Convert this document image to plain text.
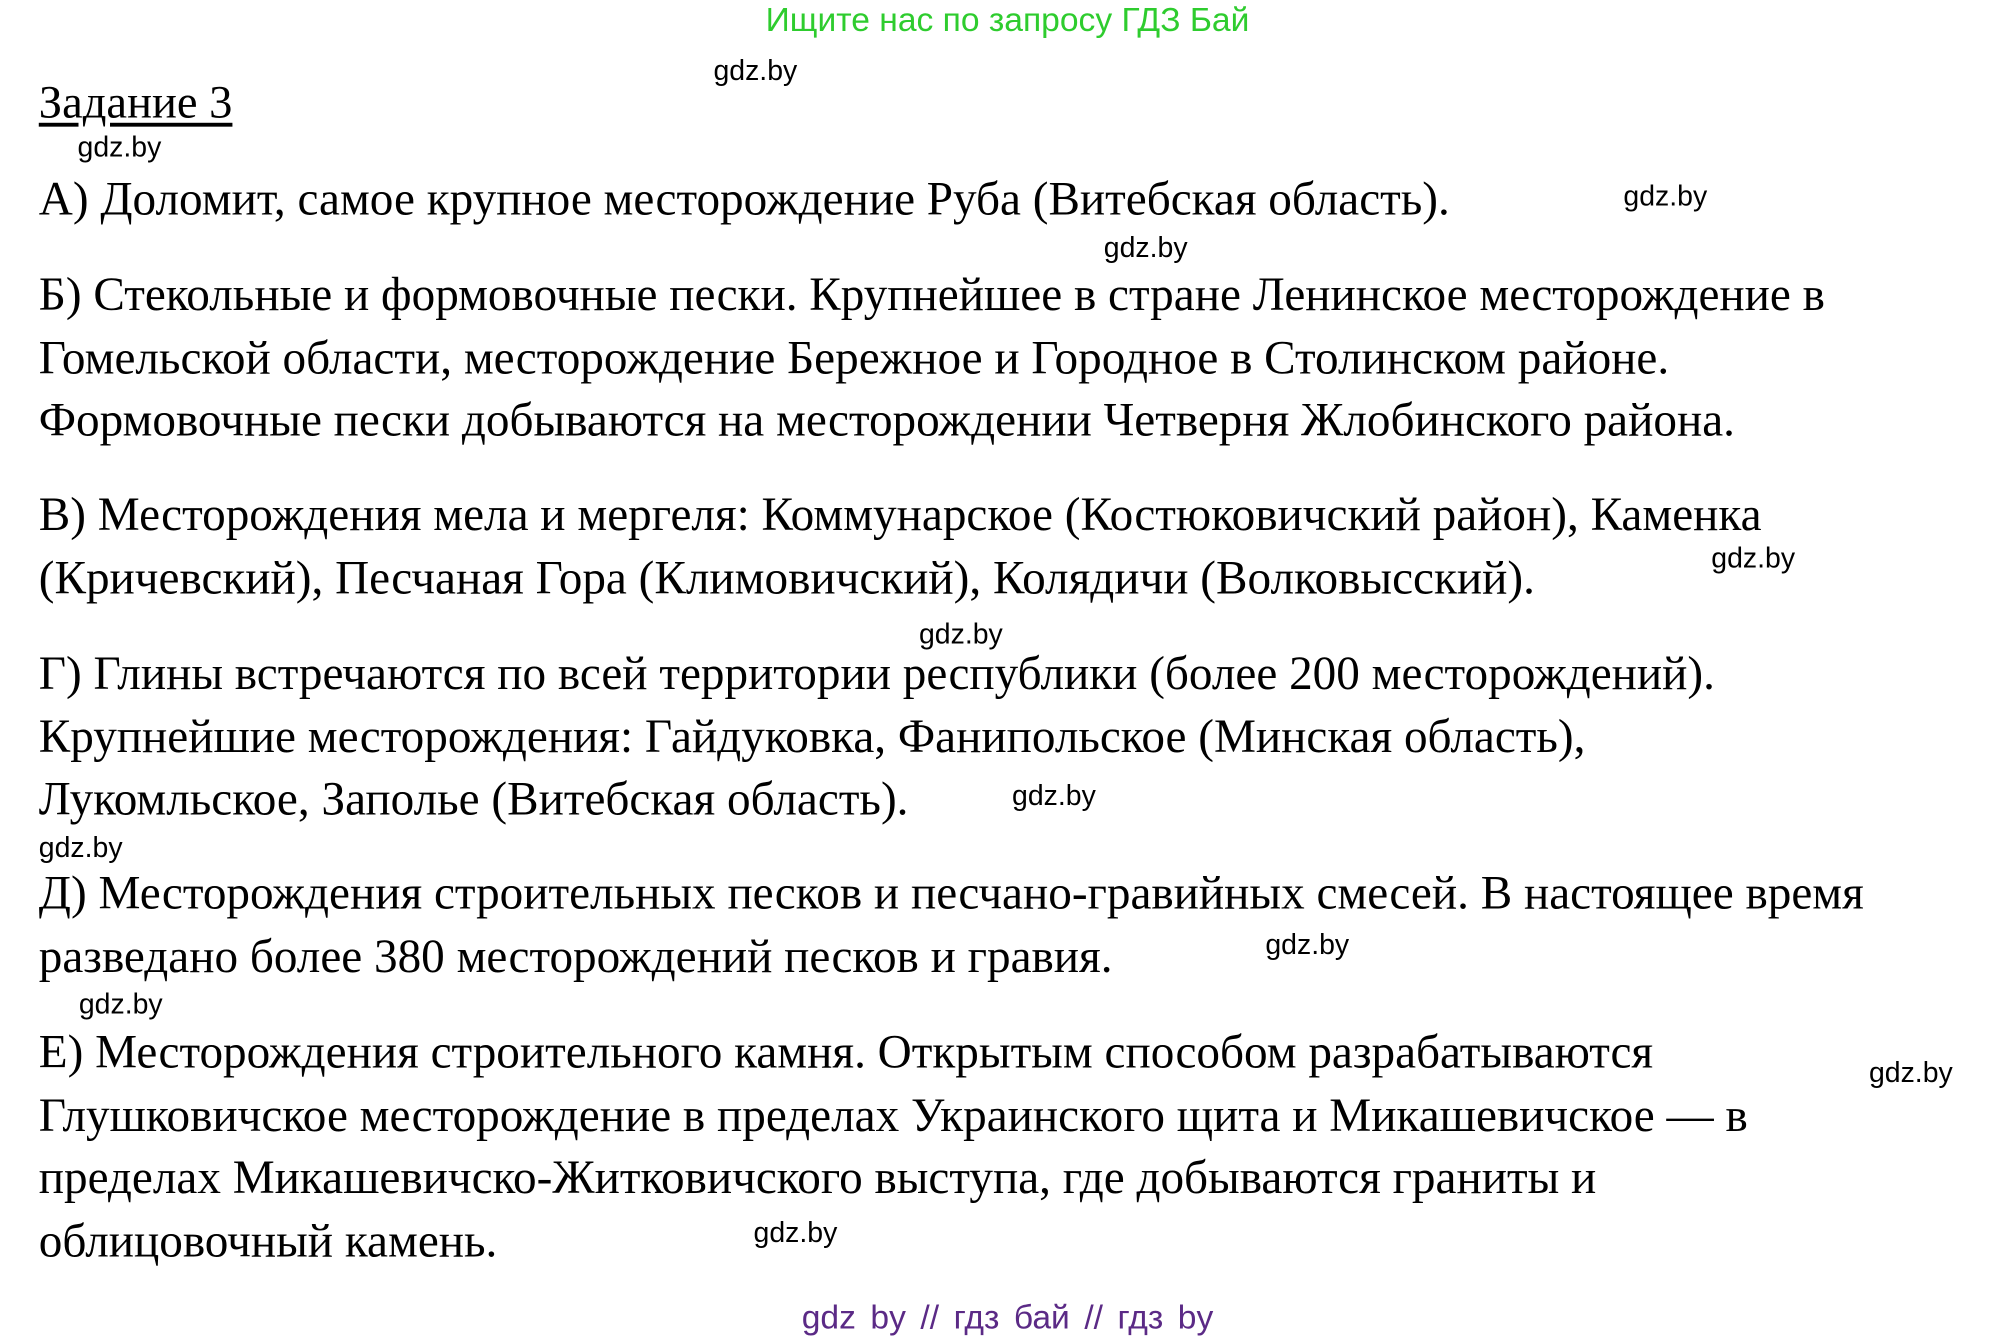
Ищите нас по запросу ГДЗ Бай
Задание 3
А) Доломит, самое крупное месторождение Руба (Витебская область).
Б) Стекольные и формовочные пески. Крупнейшее в стране Ленинское месторождение в
Гомельской области, месторождение Бережное и Городное в Столинском районе.
Формовочные пески добываются на месторождении Четверня Жлобинского района.
В) Месторождения мела и мергеля: Коммунарское (Костюковичский район), Каменка
(Кричевский), Песчаная Гора (Климовичский), Колядичи (Волковысский).
Г) Глины встречаются по всей территории республики (более 200 месторождений).
Крупнейшие месторождения: Гайдуковка, Фанипольское (Минская область),
Лукомльское, Заполье (Витебская область).
Д) Месторождения строительных песков и песчано-гравийных смесей. В настоящее время
разведано более 380 месторождений песков и гравия.
Е) Месторождения строительного камня. Открытым способом разрабатываются
Глушковичское месторождение в пределах Украинского щита и Микашевичское — в
пределах Микашевичско-Житковичского выступа, где добываются граниты и
облицовочный камень.
gdz.by
gdz.by
gdz.by
gdz.by
gdz.by
gdz.by
gdz.by
gdz.by
gdz.by
gdz.by
gdz.by
gdz.by
gdz by // гдз бай // гдз by
